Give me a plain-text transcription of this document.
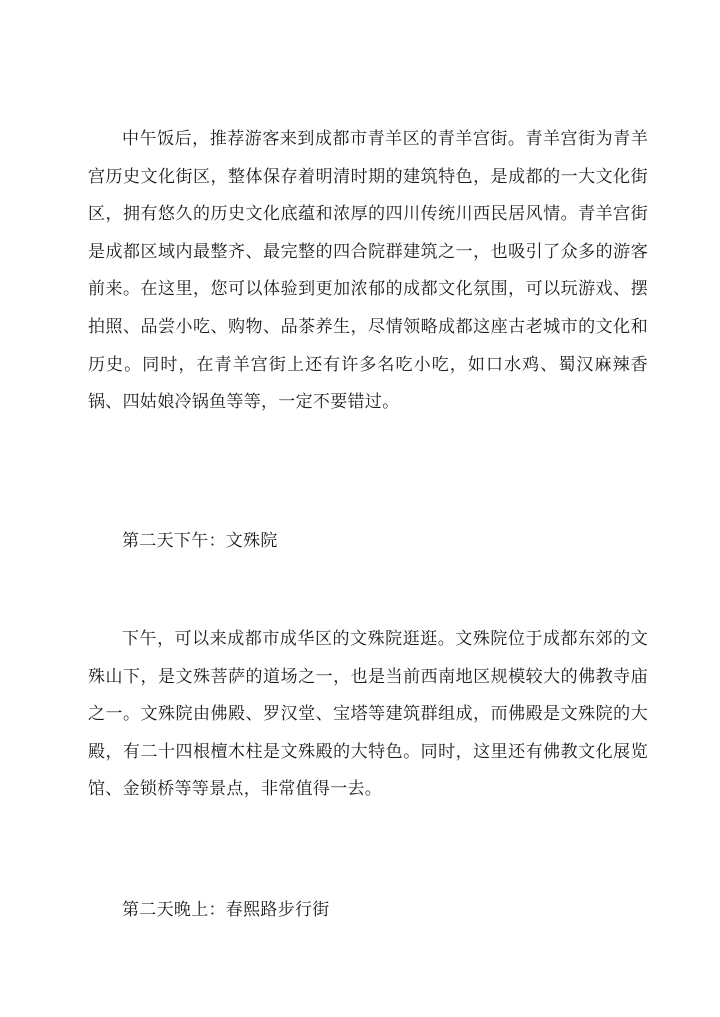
中午饭后，推荐游客来到成都市青羊区的青羊宫街。青羊宫街为青羊宫历史文化街区，整体保存着明清时期的建筑特色，是成都的一大文化街区，拥有悠久的历史文化底蕴和浓厚的四川传统川西民居风情。青羊宫街是成都区域内最整齐、最完整的四合院群建筑之一，也吸引了众多的游客前来。在这里，您可以体验到更加浓郁的成都文化氛围，可以玩游戏、摆拍照、品尝小吃、购物、品茶养生，尽情领略成都这座古老城市的文化和历史。同时，在青羊宫街上还有许多名吃小吃，如口水鸡、蜀汉麻辣香锅、四姑娘冷锅鱼等等，一定不要错过。

第二天下午：文殊院

下午，可以来成都市成华区的文殊院逛逛。文殊院位于成都东郊的文殊山下，是文殊菩萨的道场之一，也是当前西南地区规模较大的佛教寺庙之一。文殊院由佛殿、罗汉堂、宝塔等建筑群组成，而佛殿是文殊院的大殿，有二十四根檀木柱是文殊殿的大特色。同时，这里还有佛教文化展览馆、金锁桥等等景点，非常值得一去。

第二天晚上：春熙路步行街
